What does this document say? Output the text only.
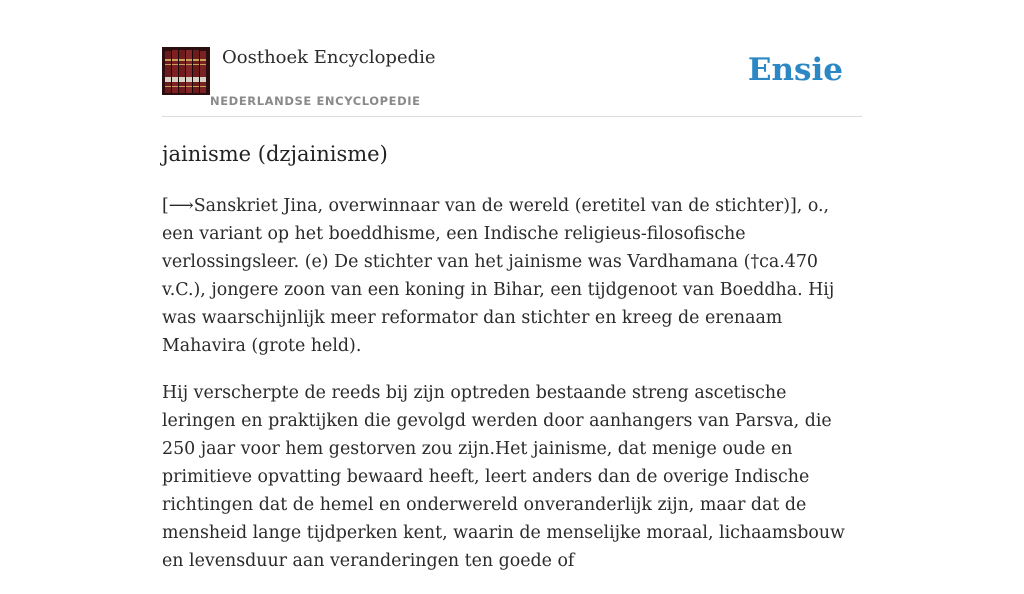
Oosthoek Encyclopedie
NEDERLANDSE ENCYCLOPEDIE
Ensie
jainisme (dzjainisme)

[⟶Sanskriet Jina, overwinnaar van de wereld (eretitel van de stichter)], o., een variant op het boeddhisme, een Indische religieus-filosofische verlossingsleer. (e) De stichter van het jainisme was Vardhamana (†ca.470 v.C.), jongere zoon van een koning in Bihar, een tijdgenoot van Boeddha. Hij was waarschijnlijk meer reformator dan stichter en kreeg de erenaam Mahavira (grote held).

Hij verscherpte de reeds bij zijn optreden bestaande streng ascetische leringen en praktijken die gevolgd werden door aanhangers van Parsva, die 250 jaar voor hem gestorven zou zijn.Het jainisme, dat menige oude en primitieve opvatting bewaard heeft, leert anders dan de overige Indische richtingen dat de hemel en onderwereld onveranderlijk zijn, maar dat de mensheid lange tijdperken kent, waarin de menselijke moraal, lichaamsbouw en levensduur aan veranderingen ten goede of
